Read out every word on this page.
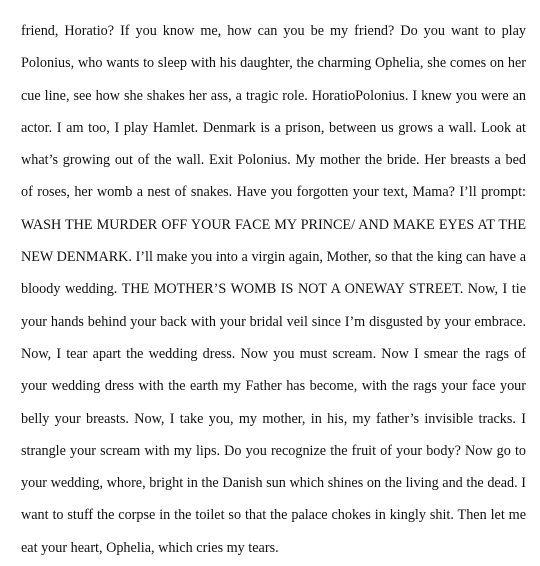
friend, Horatio? If you know me, how can you be my friend? Do you want to play
Polonius, who wants to sleep with his daughter, the charming Ophelia, she comes on her
cue line, see how she shakes her ass, a tragic role. HoratioPolonius. I knew you were an
actor. I am too, I play Hamlet. Denmark is a prison, between us grows a wall. Look at
what’s growing out of the wall. Exit Polonius. My mother the bride. Her breasts a bed
of roses, her womb a nest of snakes. Have you forgotten your text, Mama? I’ll prompt:
WASH THE MURDER OFF YOUR FACE MY PRINCE/ AND MAKE EYES AT THE
NEW DENMARK. I’ll make you into a virgin again, Mother, so that the king can have a
bloody wedding. THE MOTHER’S WOMB IS NOT A ONEWAY STREET. Now, I tie
your hands behind your back with your bridal veil since I’m disgusted by your embrace.
Now, I tear apart the wedding dress. Now you must scream. Now I smear the rags of
your wedding dress with the earth my Father has become, with the rags your face your
belly your breasts. Now, I take you, my mother, in his, my father’s invisible tracks. I
strangle your scream with my lips. Do you recognize the fruit of your body? Now go to
your wedding, whore, bright in the Danish sun which shines on the living and the dead. I
want to stuff the corpse in the toilet so that the palace chokes in kingly shit. Then let me
eat your heart, Ophelia, which cries my tears.
